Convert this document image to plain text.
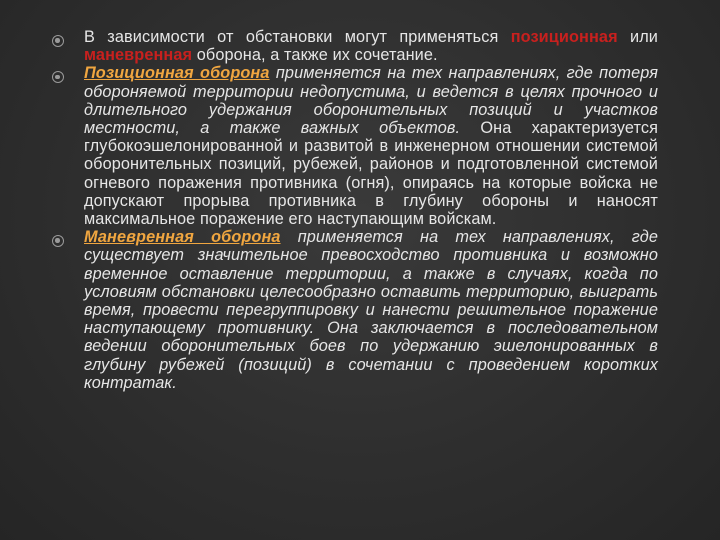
В зависимости от обстановки могут применяться позиционная или маневренная оборона, а также их сочетание.

Позиционная оборона применяется на тех направлениях, где потеря обороняемой территории недопустима, и ведется в целях прочного и длительного удержания оборонительных позиций и участков местности, а также важных объектов. Она характеризуется глубокоэшелонированной и развитой в инженерном отношении системой оборонительных позиций, рубежей, районов и подготовленной системой огневого поражения противника (огня), опираясь на которые войска не допускают прорыва противника в глубину обороны и наносят максимальное поражение его наступающим войскам.

Маневренная оборона применяется на тех направлениях, где существует значительное превосходство противника и возможно временное оставление территории, а также в случаях, когда по условиям обстановки целесообразно оставить территорию, выиграть время, провести перегруппировку и нанести решительное поражение наступающему противнику. Она заключается в последовательном ведении оборонительных боев по удержанию эшелонированных в глубину рубежей (позиций) в сочетании с проведением коротких контратак.
